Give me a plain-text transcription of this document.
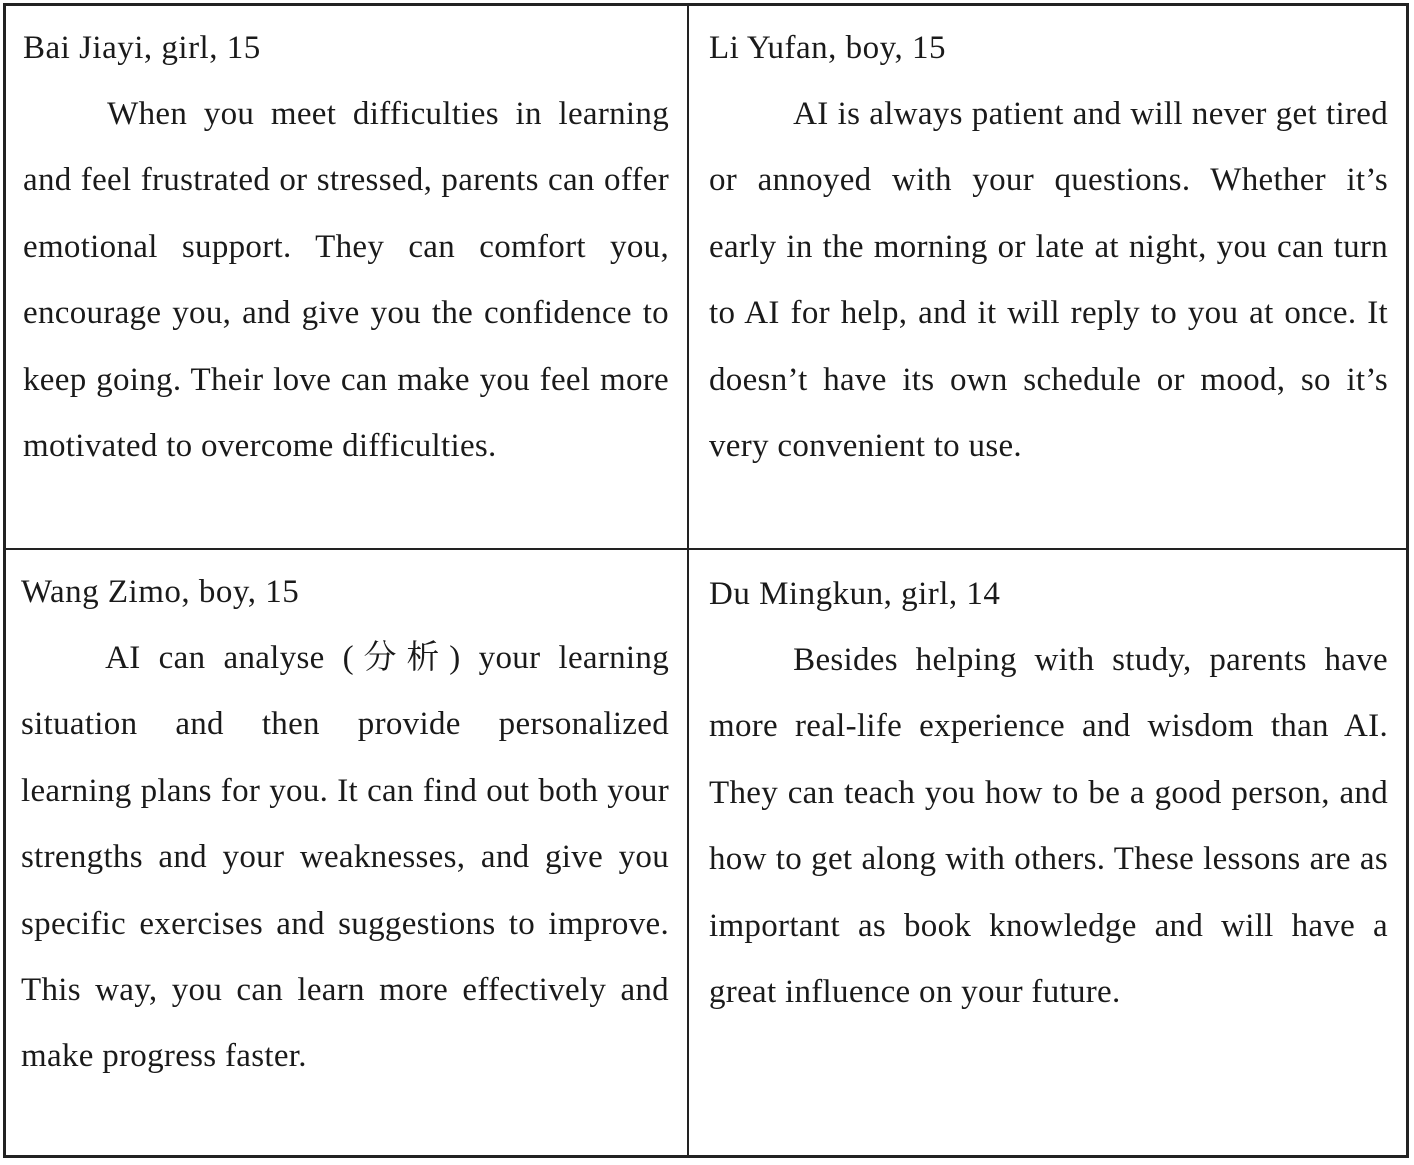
Bai Jiayi, girl, 15

When you meet difficulties in learning and feel frustrated or stressed, parents can offer emotional support. They can comfort you, encourage you, and give you the confidence to keep going. Their love can make you feel more motivated to overcome difficulties.

Li Yufan, boy, 15

AI is always patient and will never get tired or annoyed with your questions. Whether it’s early in the morning or late at night, you can turn to AI for help, and it will reply to you at once. It doesn’t have its own schedule or mood, so it’s very convenient to use.

Wang Zimo, boy, 15

AI can analyse (分析) your learning situation and then provide personalized learning plans for you. It can find out both your strengths and your weaknesses, and give you specific exercises and suggestions to improve. This way, you can learn more effectively and make progress faster.

Du Mingkun, girl, 14

Besides helping with study, parents have more real-life experience and wisdom than AI. They can teach you how to be a good person, and how to get along with others. These lessons are as important as book knowledge and will have a great influence on your future.
